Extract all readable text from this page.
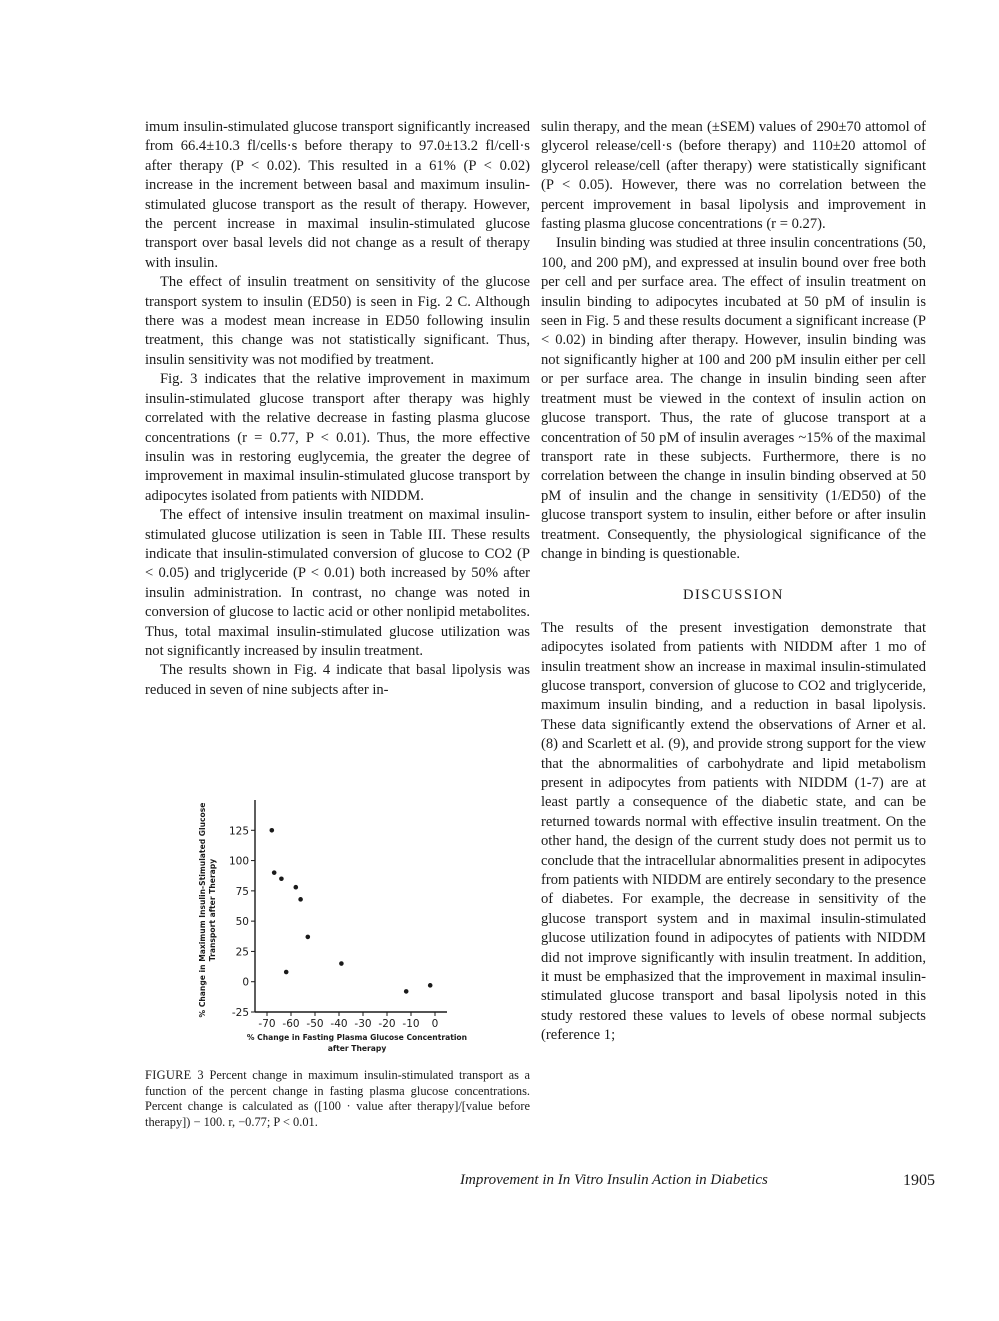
imum insulin-stimulated glucose transport significantly increased from 66.4±10.3 fl/cells·s before therapy to 97.0±13.2 fl/cell·s after therapy (P < 0.02). This resulted in a 61% (P < 0.02) increase in the increment between basal and maximum insulin-stimulated glucose transport as the result of therapy. However, the percent increase in maximal insulin-stimulated glucose transport over basal levels did not change as a result of therapy with insulin.

The effect of insulin treatment on sensitivity of the glucose transport system to insulin (ED50) is seen in Fig. 2 C. Although there was a modest mean increase in ED50 following insulin treatment, this change was not statistically significant. Thus, insulin sensitivity was not modified by treatment.

Fig. 3 indicates that the relative improvement in maximum insulin-stimulated glucose transport after therapy was highly correlated with the relative decrease in fasting plasma glucose concentrations (r = 0.77, P < 0.01). Thus, the more effective insulin was in restoring euglycemia, the greater the degree of improvement in maximal insulin-stimulated glucose transport by adipocytes isolated from patients with NIDDM.

The effect of intensive insulin treatment on maximal insulin-stimulated glucose utilization is seen in Table III. These results indicate that insulin-stimulated conversion of glucose to CO2 (P < 0.05) and triglyceride (P < 0.01) both increased by 50% after insulin administration. In contrast, no change was noted in conversion of glucose to lactic acid or other nonlipid metabolites. Thus, total maximal insulin-stimulated glucose utilization was not significantly increased by insulin treatment.

The results shown in Fig. 4 indicate that basal lipolysis was reduced in seven of nine subjects after in-

% Change in Maximum Insulin-Stimulated Glucose Transport after Therapy
% Change in Fasting Plasma Glucose Concentration
after Therapy
-25
0
25
50
75
100
125
-70 -60 -50 -40 -30 -20 -10 0
FIGURE 3 Percent change in maximum insulin-stimulated transport as a function of the percent change in fasting plasma glucose concentrations. Percent change is calculated as ([100 · value after therapy]/[value before therapy]) − 100. r, −0.77; P < 0.01.

sulin therapy, and the mean (±SEM) values of 290±70 attomol of glycerol release/cell·s (before therapy) and 110±20 attomol of glycerol release/cell (after therapy) were statistically significant (P < 0.05). However, there was no correlation between the percent improvement in basal lipolysis and improvement in fasting plasma glucose concentrations (r = 0.27).

Insulin binding was studied at three insulin concentrations (50, 100, and 200 pM), and expressed at insulin bound over free both per cell and per surface area. The effect of insulin treatment on insulin binding to adipocytes incubated at 50 pM of insulin is seen in Fig. 5 and these results document a significant increase (P < 0.02) in binding after therapy. However, insulin binding was not significantly higher at 100 and 200 pM insulin either per cell or per surface area. The change in insulin binding seen after treatment must be viewed in the context of insulin action on glucose transport. Thus, the rate of glucose transport at a concentration of 50 pM of insulin averages ~15% of the maximal transport rate in these subjects. Furthermore, there is no correlation between the change in insulin binding observed at 50 pM of insulin and the change in sensitivity (1/ED50) of the glucose transport system to insulin, either before or after insulin treatment. Consequently, the physiological significance of the change in binding is questionable.

DISCUSSION

The results of the present investigation demonstrate that adipocytes isolated from patients with NIDDM after 1 mo of insulin treatment show an increase in maximal insulin-stimulated glucose transport, conversion of glucose to CO2 and triglyceride, maximum insulin binding, and a reduction in basal lipolysis. These data significantly extend the observations of Arner et al. (8) and Scarlett et al. (9), and provide strong support for the view that the abnormalities of carbohydrate and lipid metabolism present in adipocytes from patients with NIDDM (1-7) are at least partly a consequence of the diabetic state, and can be returned towards normal with effective insulin treatment. On the other hand, the design of the current study does not permit us to conclude that the intracellular abnormalities present in adipocytes from patients with NIDDM are entirely secondary to the presence of diabetes. For example, the decrease in sensitivity of the glucose transport system and in maximal insulin-stimulated glucose utilization found in adipocytes of patients with NIDDM did not improve significantly with insulin treatment. In addition, it must be emphasized that the improvement in maximal insulin-stimulated glucose transport and basal lipolysis noted in this study restored these values to levels of obese normal subjects (reference 1;

Improvement in In Vitro Insulin Action in Diabetics	1905
